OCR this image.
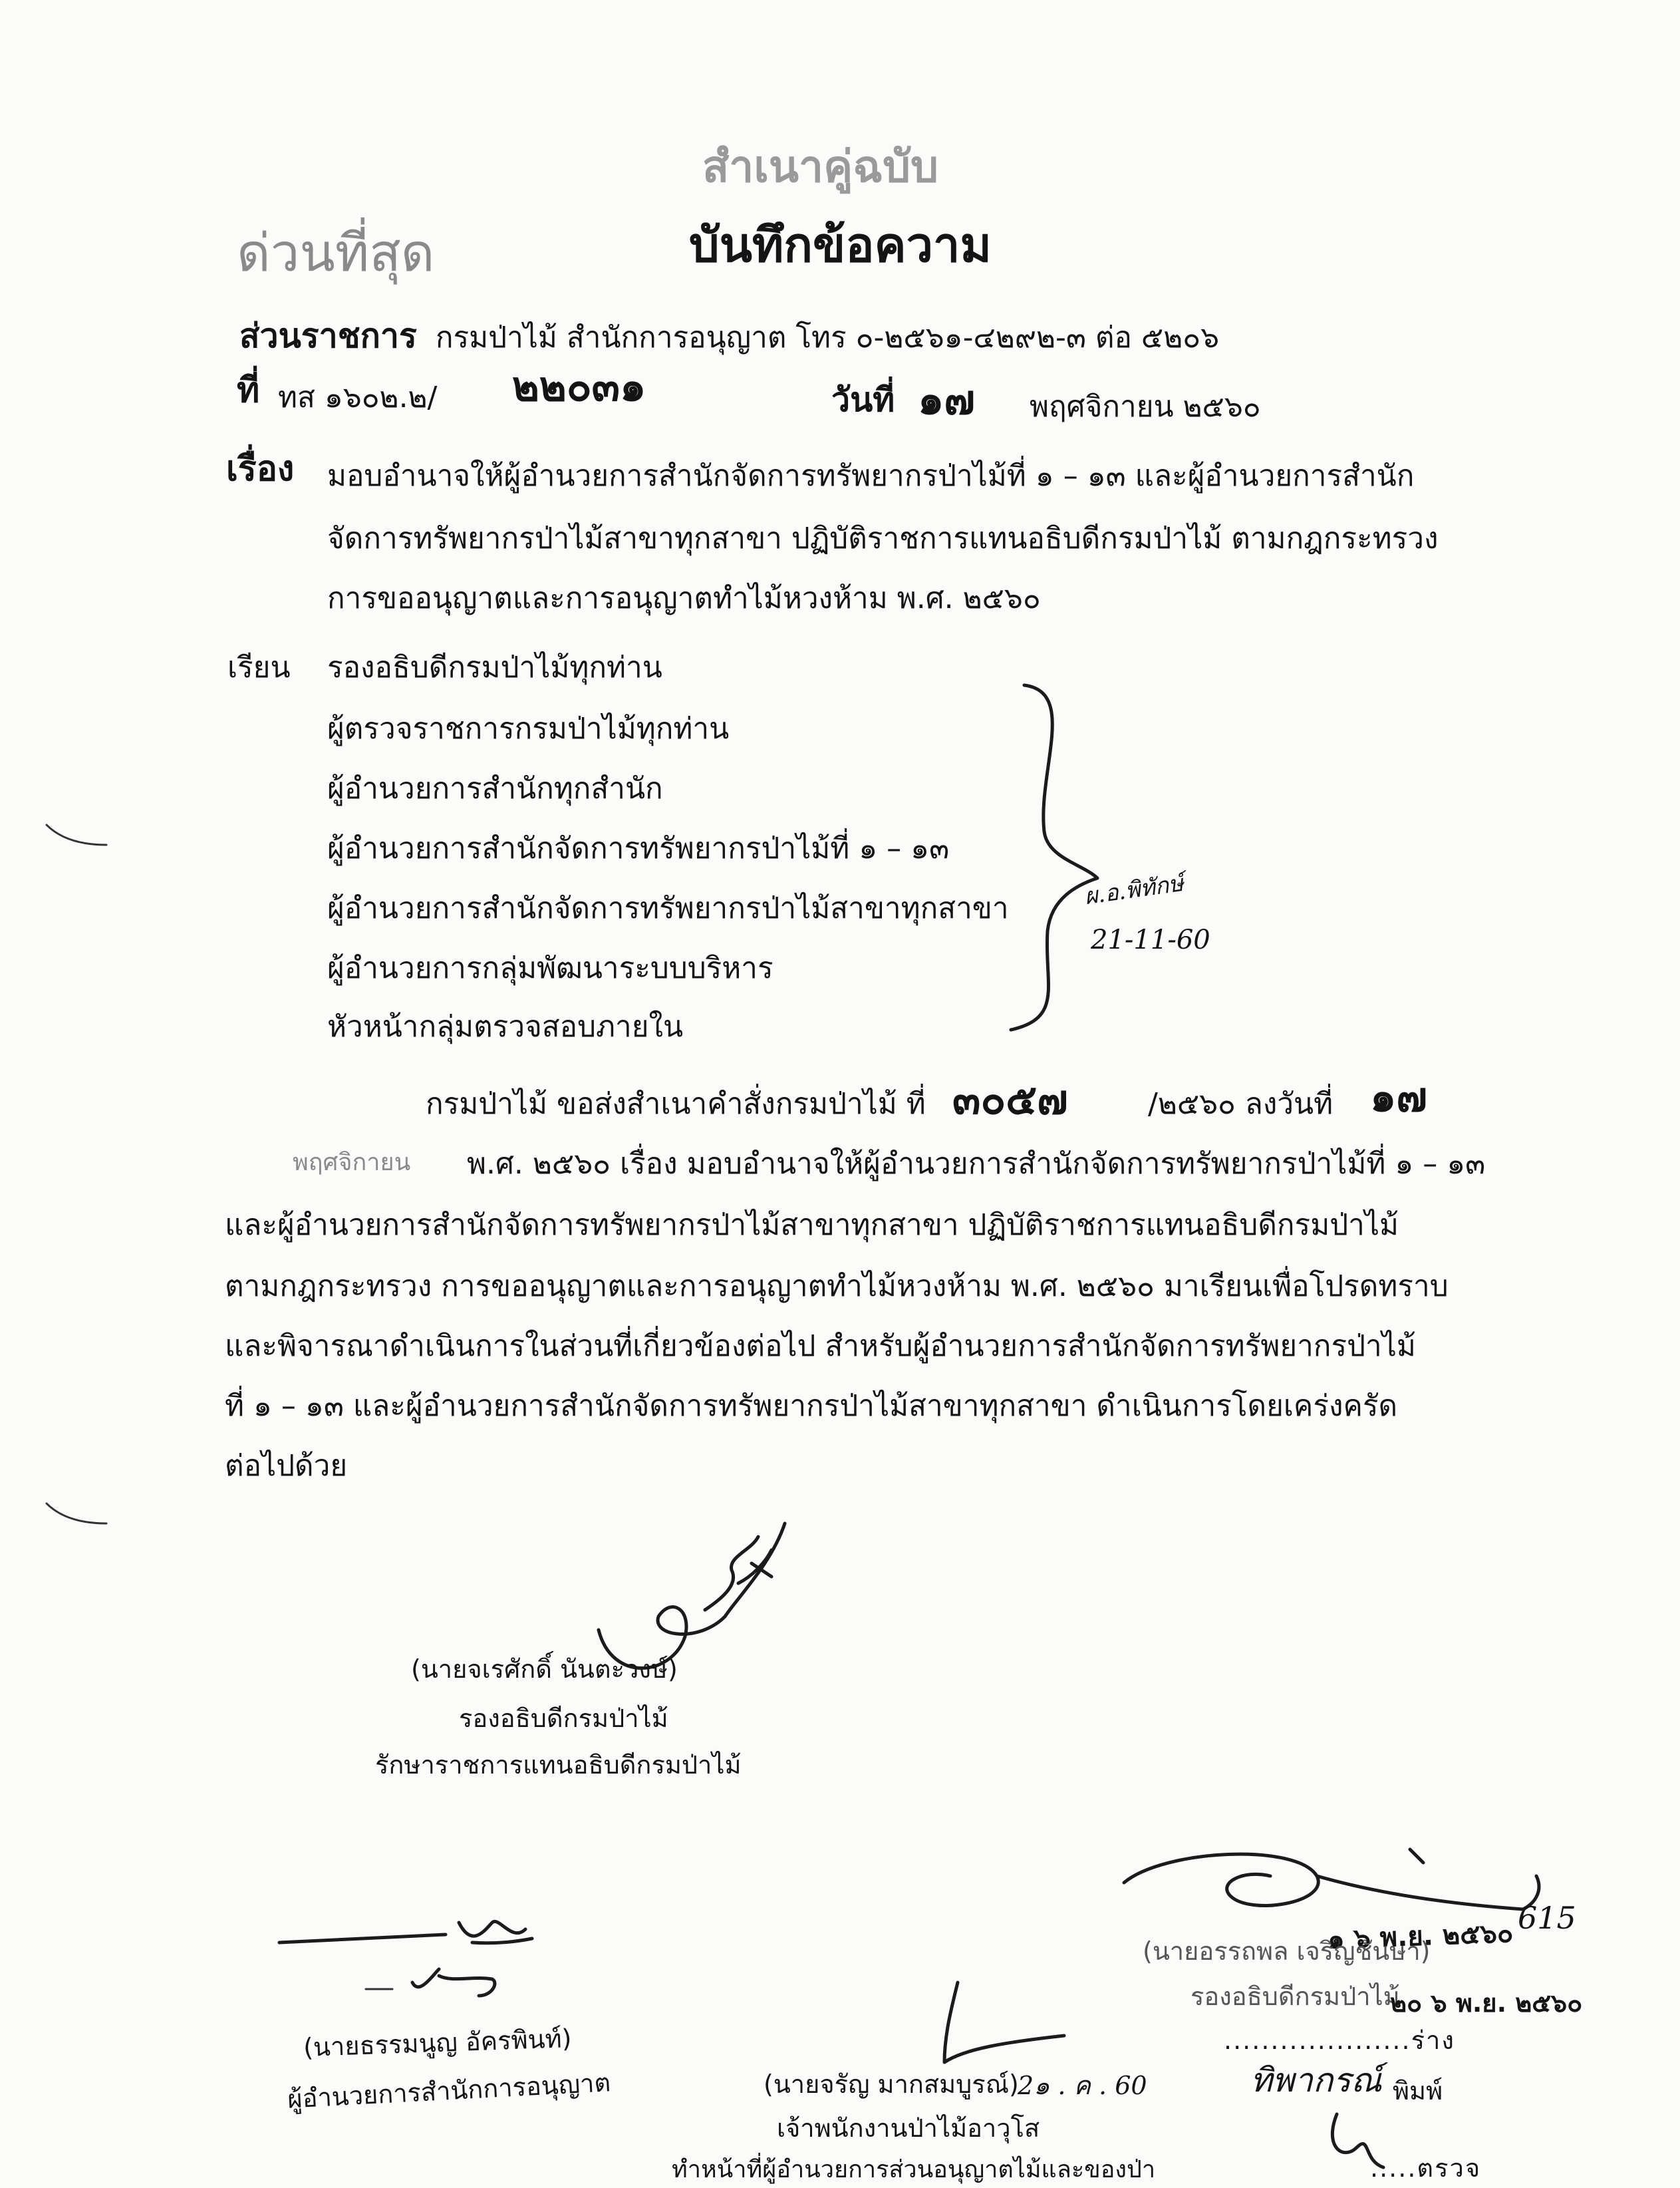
สำเนาคู่ฉบับ
ด่วนที่สุด	บันทึกข้อความ
ส่วนราชการ กรมป่าไม้ สำนักการอนุญาต โทร ๐-๒๕๖๑-๔๒๙๒-๓ ต่อ ๕๒๐๖
ที่ ทส ๑๖๐๒.๒/ ๒๒๐๓๑	วันที่ ๑๗ พฤศจิกายน ๒๕๖๐
เรื่อง มอบอำนาจให้ผู้อำนวยการสำนักจัดการทรัพยากรป่าไม้ที่ ๑ – ๑๓ และผู้อำนวยการสำนัก
จัดการทรัพยากรป่าไม้สาขาทุกสาขา ปฏิบัติราชการแทนอธิบดีกรมป่าไม้ ตามกฎกระทรวง
การขออนุญาตและการอนุญาตทำไม้หวงห้าม พ.ศ. ๒๕๖๐
เรียน รองอธิบดีกรมป่าไม้ทุกท่าน
ผู้ตรวจราชการกรมป่าไม้ทุกท่าน
ผู้อำนวยการสำนักทุกสำนัก
ผู้อำนวยการสำนักจัดการทรัพยากรป่าไม้ที่ ๑ – ๑๓
ผู้อำนวยการสำนักจัดการทรัพยากรป่าไม้สาขาทุกสาขา
ผู้อำนวยการกลุ่มพัฒนาระบบบริหาร
หัวหน้ากลุ่มตรวจสอบภายใน
ผ.อ.พิทักษ์
21-11-60
กรมป่าไม้ ขอส่งสำเนาคำสั่งกรมป่าไม้ ที่ ๓๐๕๗	/๒๕๖๐ ลงวันที่ ๑๗
พฤศจิกายน พ.ศ. ๒๕๖๐ เรื่อง มอบอำนาจให้ผู้อำนวยการสำนักจัดการทรัพยากรป่าไม้ที่ ๑ – ๑๓
และผู้อำนวยการสำนักจัดการทรัพยากรป่าไม้สาขาทุกสาขา ปฏิบัติราชการแทนอธิบดีกรมป่าไม้
ตามกฎกระทรวง การขออนุญาตและการอนุญาตทำไม้หวงห้าม พ.ศ. ๒๕๖๐ มาเรียนเพื่อโปรดทราบ
และพิจารณาดำเนินการในส่วนที่เกี่ยวข้องต่อไป สำหรับผู้อำนวยการสำนักจัดการทรัพยากรป่าไม้
ที่ ๑ – ๑๓ และผู้อำนวยการสำนักจัดการทรัพยากรป่าไม้สาขาทุกสาขา ดำเนินการโดยเคร่งครัด
ต่อไปด้วย
(นายจเรศักดิ์ นันตะวงษ์)
รองอธิบดีกรมป่าไม้
รักษาราชการแทนอธิบดีกรมป่าไม้
(นายธรรมนูญ อัครพินท์)
ผู้อำนวยการสำนักการอนุญาต	(นายจรัญ มากสมบูรณ์)
2๑ . ค . 60
เจ้าพนักงานป่าไม้อาวุโส
ทำหน้าที่ผู้อำนวยการส่วนอนุญาตไม้และของป่า
๑ ๖ พ.ย. ๒๕๖๐
615
(นายอรรถพล เจริญชันษา)
รองอธิบดีกรมป่าไม้
๒๐ ๖ พ.ย. ๒๕๖๐
....................ร่าง
ทิพากรณ์ พิมพ์
.....ตรวจ
